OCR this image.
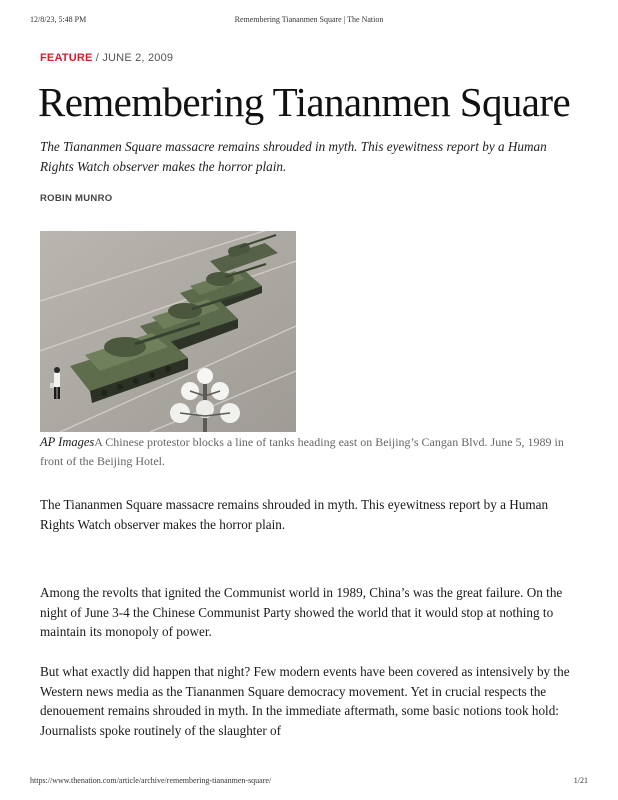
12/8/23, 5:48 PM	Remembering Tiananmen Square | The Nation
FEATURE / JUNE 2, 2009
Remembering Tiananmen Square

The Tiananmen Square massacre remains shrouded in myth. This eyewitness report by a Human Rights Watch observer makes the horror plain.

ROBIN MUNRO

AP ImagesA Chinese protestor blocks a line of tanks heading east on Beijing’s Cangan Blvd. June 5, 1989 in front of the Beijing Hotel.

The Tiananmen Square massacre remains shrouded in myth. This eyewitness report by a Human Rights Watch observer makes the horror plain.

Among the revolts that ignited the Communist world in 1989, China’s was the great failure. On the night of June 3-4 the Chinese Communist Party showed the world that it would stop at nothing to maintain its monopoly of power.

But what exactly did happen that night? Few modern events have been covered as intensively by the Western news media as the Tiananmen Square democracy movement. Yet in crucial respects the denouement remains shrouded in myth. In the immediate aftermath, some basic notions took hold: Journalists spoke routinely of the slaughter of

https://www.thenation.com/article/archive/remembering-tiananmen-square/	1/21
